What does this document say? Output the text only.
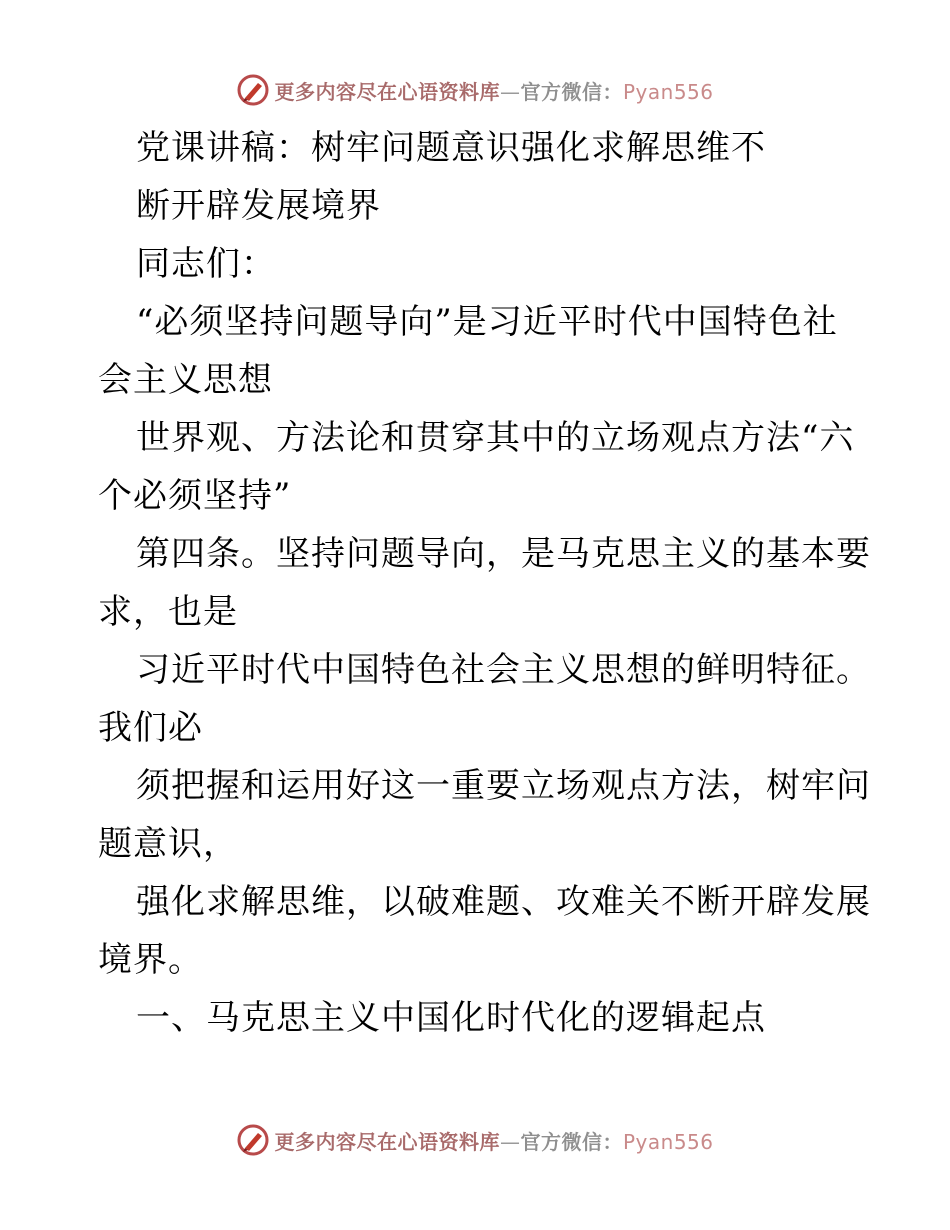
更多内容尽在心语资料库—官方微信：Pyan556
党课讲稿：树牢问题意识强化求解思维不
断开辟发展境界
同志们：
“必须坚持问题导向”是习近平时代中国特色社
会主义思想
世界观、方法论和贯穿其中的立场观点方法“六
个必须坚持”
第四条。坚持问题导向，是马克思主义的基本要
求，也是
习近平时代中国特色社会主义思想的鲜明特征。
我们必
须把握和运用好这一重要立场观点方法，树牢问
题意识，
强化求解思维，以破难题、攻难关不断开辟发展
境界。
一、马克思主义中国化时代化的逻辑起点
更多内容尽在心语资料库—官方微信：Pyan556
